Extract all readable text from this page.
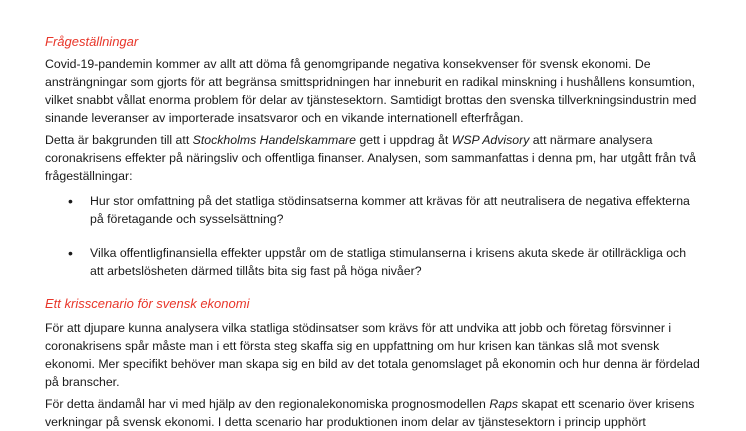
Frågeställningar

Covid-19-pandemin kommer av allt att döma få genomgripande negativa konsekvenser för svensk ekonomi. De ansträngningar som gjorts för att begränsa smittspridningen har inneburit en radikal minskning i hushållens konsumtion, vilket snabbt vållat enorma problem för delar av tjänstesektorn. Samtidigt brottas den svenska tillverkningsindustrin med sinande leveranser av importerade insatsvaror och en vikande internationell efterfrågan.

Detta är bakgrunden till att Stockholms Handelskammare gett i uppdrag åt WSP Advisory att närmare analysera coronakrisens effekter på näringsliv och offentliga finanser. Analysen, som sammanfattas i denna pm, har utgått från två frågeställningar:

• Hur stor omfattning på det statliga stödinsatserna kommer att krävas för att neutralisera de negativa effekterna på företagande och sysselsättning?

• Vilka offentligfinansiella effekter uppstår om de statliga stimulanserna i krisens akuta skede är otillräckliga och att arbetslösheten därmed tillåts bita sig fast på höga nivåer?

Ett krisscenario för svensk ekonomi

För att djupare kunna analysera vilka statliga stödinsatser som krävs för att undvika att jobb och företag försvinner i coronakrisens spår måste man i ett första steg skaffa sig en uppfattning om hur krisen kan tänkas slå mot svensk ekonomi. Mer specifikt behöver man skapa sig en bild av det totala genomslaget på ekonomin och hur denna är fördelad på branscher.

För detta ändamål har vi med hjälp av den regionalekonomiska prognosmodellen Raps skapat ett scenario över krisens verkningar på svensk ekonomi. I detta scenario har produktionen inom delar av tjänstesektorn i princip upphört
